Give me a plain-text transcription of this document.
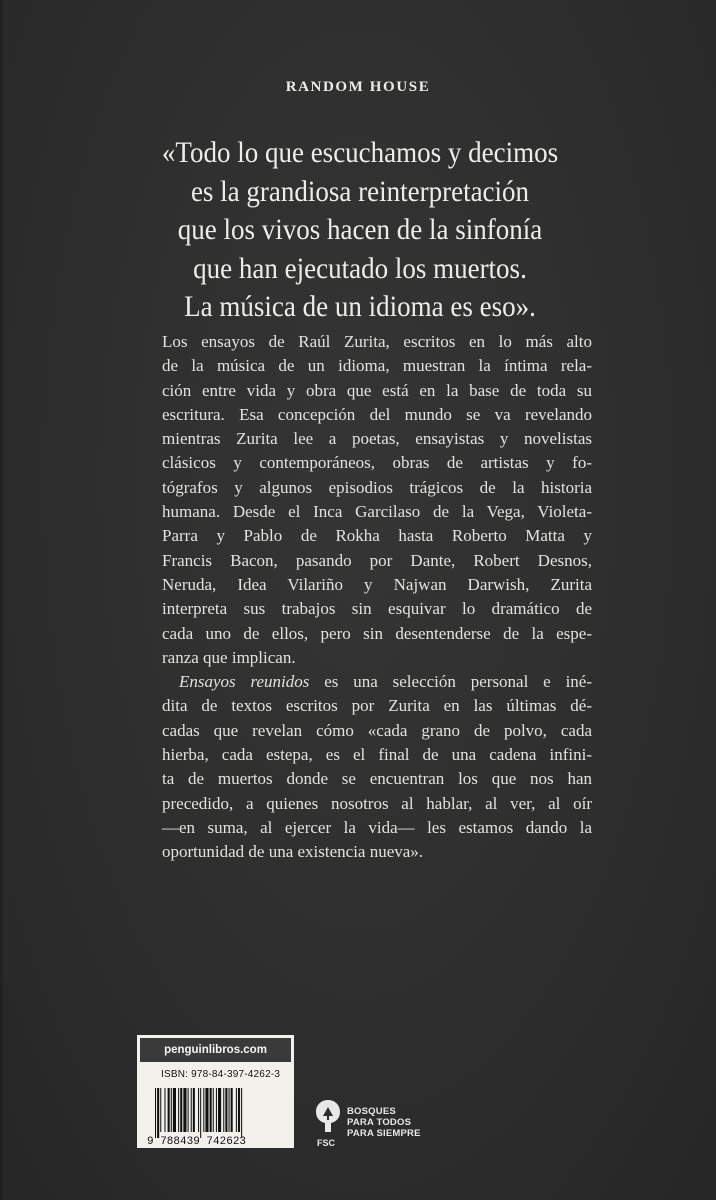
RANDOM HOUSE
«Todo lo que escuchamos y decimos
es la grandiosa reinterpretación
que los vivos hacen de la sinfonía
que han ejecutado los muertos.
La música de un idioma es eso».
Los ensayos de Raúl Zurita, escritos en lo más alto
de la música de un idioma, muestran la íntima rela-
ción entre vida y obra que está en la base de toda su
escritura. Esa concepción del mundo se va revelando
mientras Zurita lee a poetas, ensayistas y novelistas
clásicos y contemporáneos, obras de artistas y fo-
tógrafos y algunos episodios trágicos de la historia
humana. Desde el Inca Garcilaso de la Vega, Violeta-
Parra y Pablo de Rokha hasta Roberto Matta y
Francis Bacon, pasando por Dante, Robert Desnos,
Neruda, Idea Vilariño y Najwan Darwish, Zurita
interpreta sus trabajos sin esquivar lo dramático de
cada uno de ellos, pero sin desentenderse de la espe-
ranza que implican.
 Ensayos reunidos es una selección personal e iné-
dita de textos escritos por Zurita en las últimas dé-
cadas que revelan cómo «cada grano de polvo, cada
hierba, cada estepa, es el final de una cadena infini-
ta de muertos donde se encuentran los que nos han
precedido, a quienes nosotros al hablar, al ver, al oír
—en suma, al ejercer la vida— les estamos dando la
oportunidad de una existencia nueva».
penguinlibros.com
ISBN: 978-84-397-4262-3
9 788439 742623	FSC
BOSQUES
PARA TODOS
PARA SIEMPRE
